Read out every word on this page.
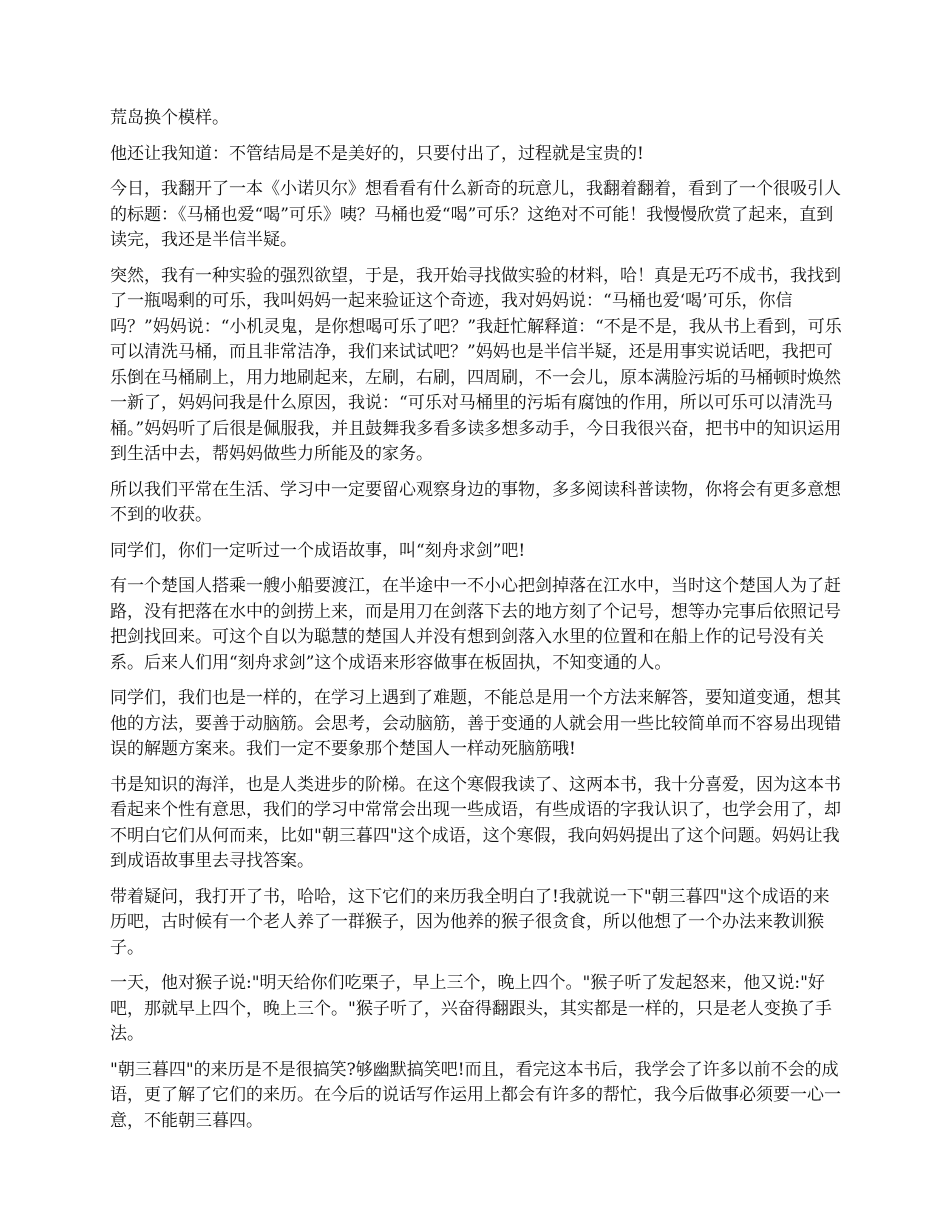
荒岛换个模样。

他还让我知道：不管结局是不是美好的，只要付出了，过程就是宝贵的!

今日，我翻开了一本《小诺贝尔》想看看有什么新奇的玩意儿，我翻着翻着，看到了一个很吸引人的标题：《马桶也爱“喝”可乐》咦？马桶也爱“喝”可乐？这绝对不可能！我慢慢欣赏了起来，直到读完，我还是半信半疑。

突然，我有一种实验的强烈欲望，于是，我开始寻找做实验的材料，哈！真是无巧不成书，我找到了一瓶喝剩的可乐，我叫妈妈一起来验证这个奇迹，我对妈妈说：“马桶也爱‘喝’可乐，你信吗？”妈妈说：“小机灵鬼，是你想喝可乐了吧？”我赶忙解释道：“不是不是，我从书上看到，可乐可以清洗马桶，而且非常洁净，我们来试试吧？”妈妈也是半信半疑，还是用事实说话吧，我把可乐倒在马桶刷上，用力地刷起来，左刷，右刷，四周刷，不一会儿，原本满脸污垢的马桶顿时焕然一新了，妈妈问我是什么原因，我说：“可乐对马桶里的污垢有腐蚀的作用，所以可乐可以清洗马桶。”妈妈听了后很是佩服我，并且鼓舞我多看多读多想多动手，今日我很兴奋，把书中的知识运用到生活中去，帮妈妈做些力所能及的家务。

所以我们平常在生活、学习中一定要留心观察身边的事物，多多阅读科普读物，你将会有更多意想不到的收获。

同学们，你们一定听过一个成语故事，叫“刻舟求剑”吧!

有一个楚国人搭乘一艘小船要渡江，在半途中一不小心把剑掉落在江水中，当时这个楚国人为了赶路，没有把落在水中的剑捞上来，而是用刀在剑落下去的地方刻了个记号，想等办完事后依照记号把剑找回来。可这个自以为聪慧的楚国人并没有想到剑落入水里的位置和在船上作的记号没有关系。后来人们用“刻舟求剑”这个成语来形容做事在板固执，不知变通的人。

同学们，我们也是一样的，在学习上遇到了难题，不能总是用一个方法来解答，要知道变通，想其他的方法，要善于动脑筋。会思考，会动脑筋，善于变通的人就会用一些比较简单而不容易出现错误的解题方案来。我们一定不要象那个楚国人一样动死脑筋哦!

书是知识的海洋，也是人类进步的阶梯。在这个寒假我读了、这两本书，我十分喜爱，因为这本书看起来个性有意思，我们的学习中常常会出现一些成语，有些成语的字我认识了，也学会用了，却不明白它们从何而来，比如"朝三暮四"这个成语，这个寒假，我向妈妈提出了这个问题。妈妈让我到成语故事里去寻找答案。

带着疑问，我打开了书，哈哈，这下它们的来历我全明白了!我就说一下"朝三暮四"这个成语的来历吧，古时候有一个老人养了一群猴子，因为他养的猴子很贪食，所以他想了一个办法来教训猴子。

一天，他对猴子说:"明天给你们吃栗子，早上三个，晚上四个。"猴子听了发起怒来，他又说:"好吧，那就早上四个，晚上三个。"猴子听了，兴奋得翻跟头，其实都是一样的，只是老人变换了手法。

"朝三暮四"的来历是不是很搞笑?够幽默搞笑吧!而且，看完这本书后，我学会了许多以前不会的成语，更了解了它们的来历。在今后的说话写作运用上都会有许多的帮忙，我今后做事必须要一心一意，不能朝三暮四。
